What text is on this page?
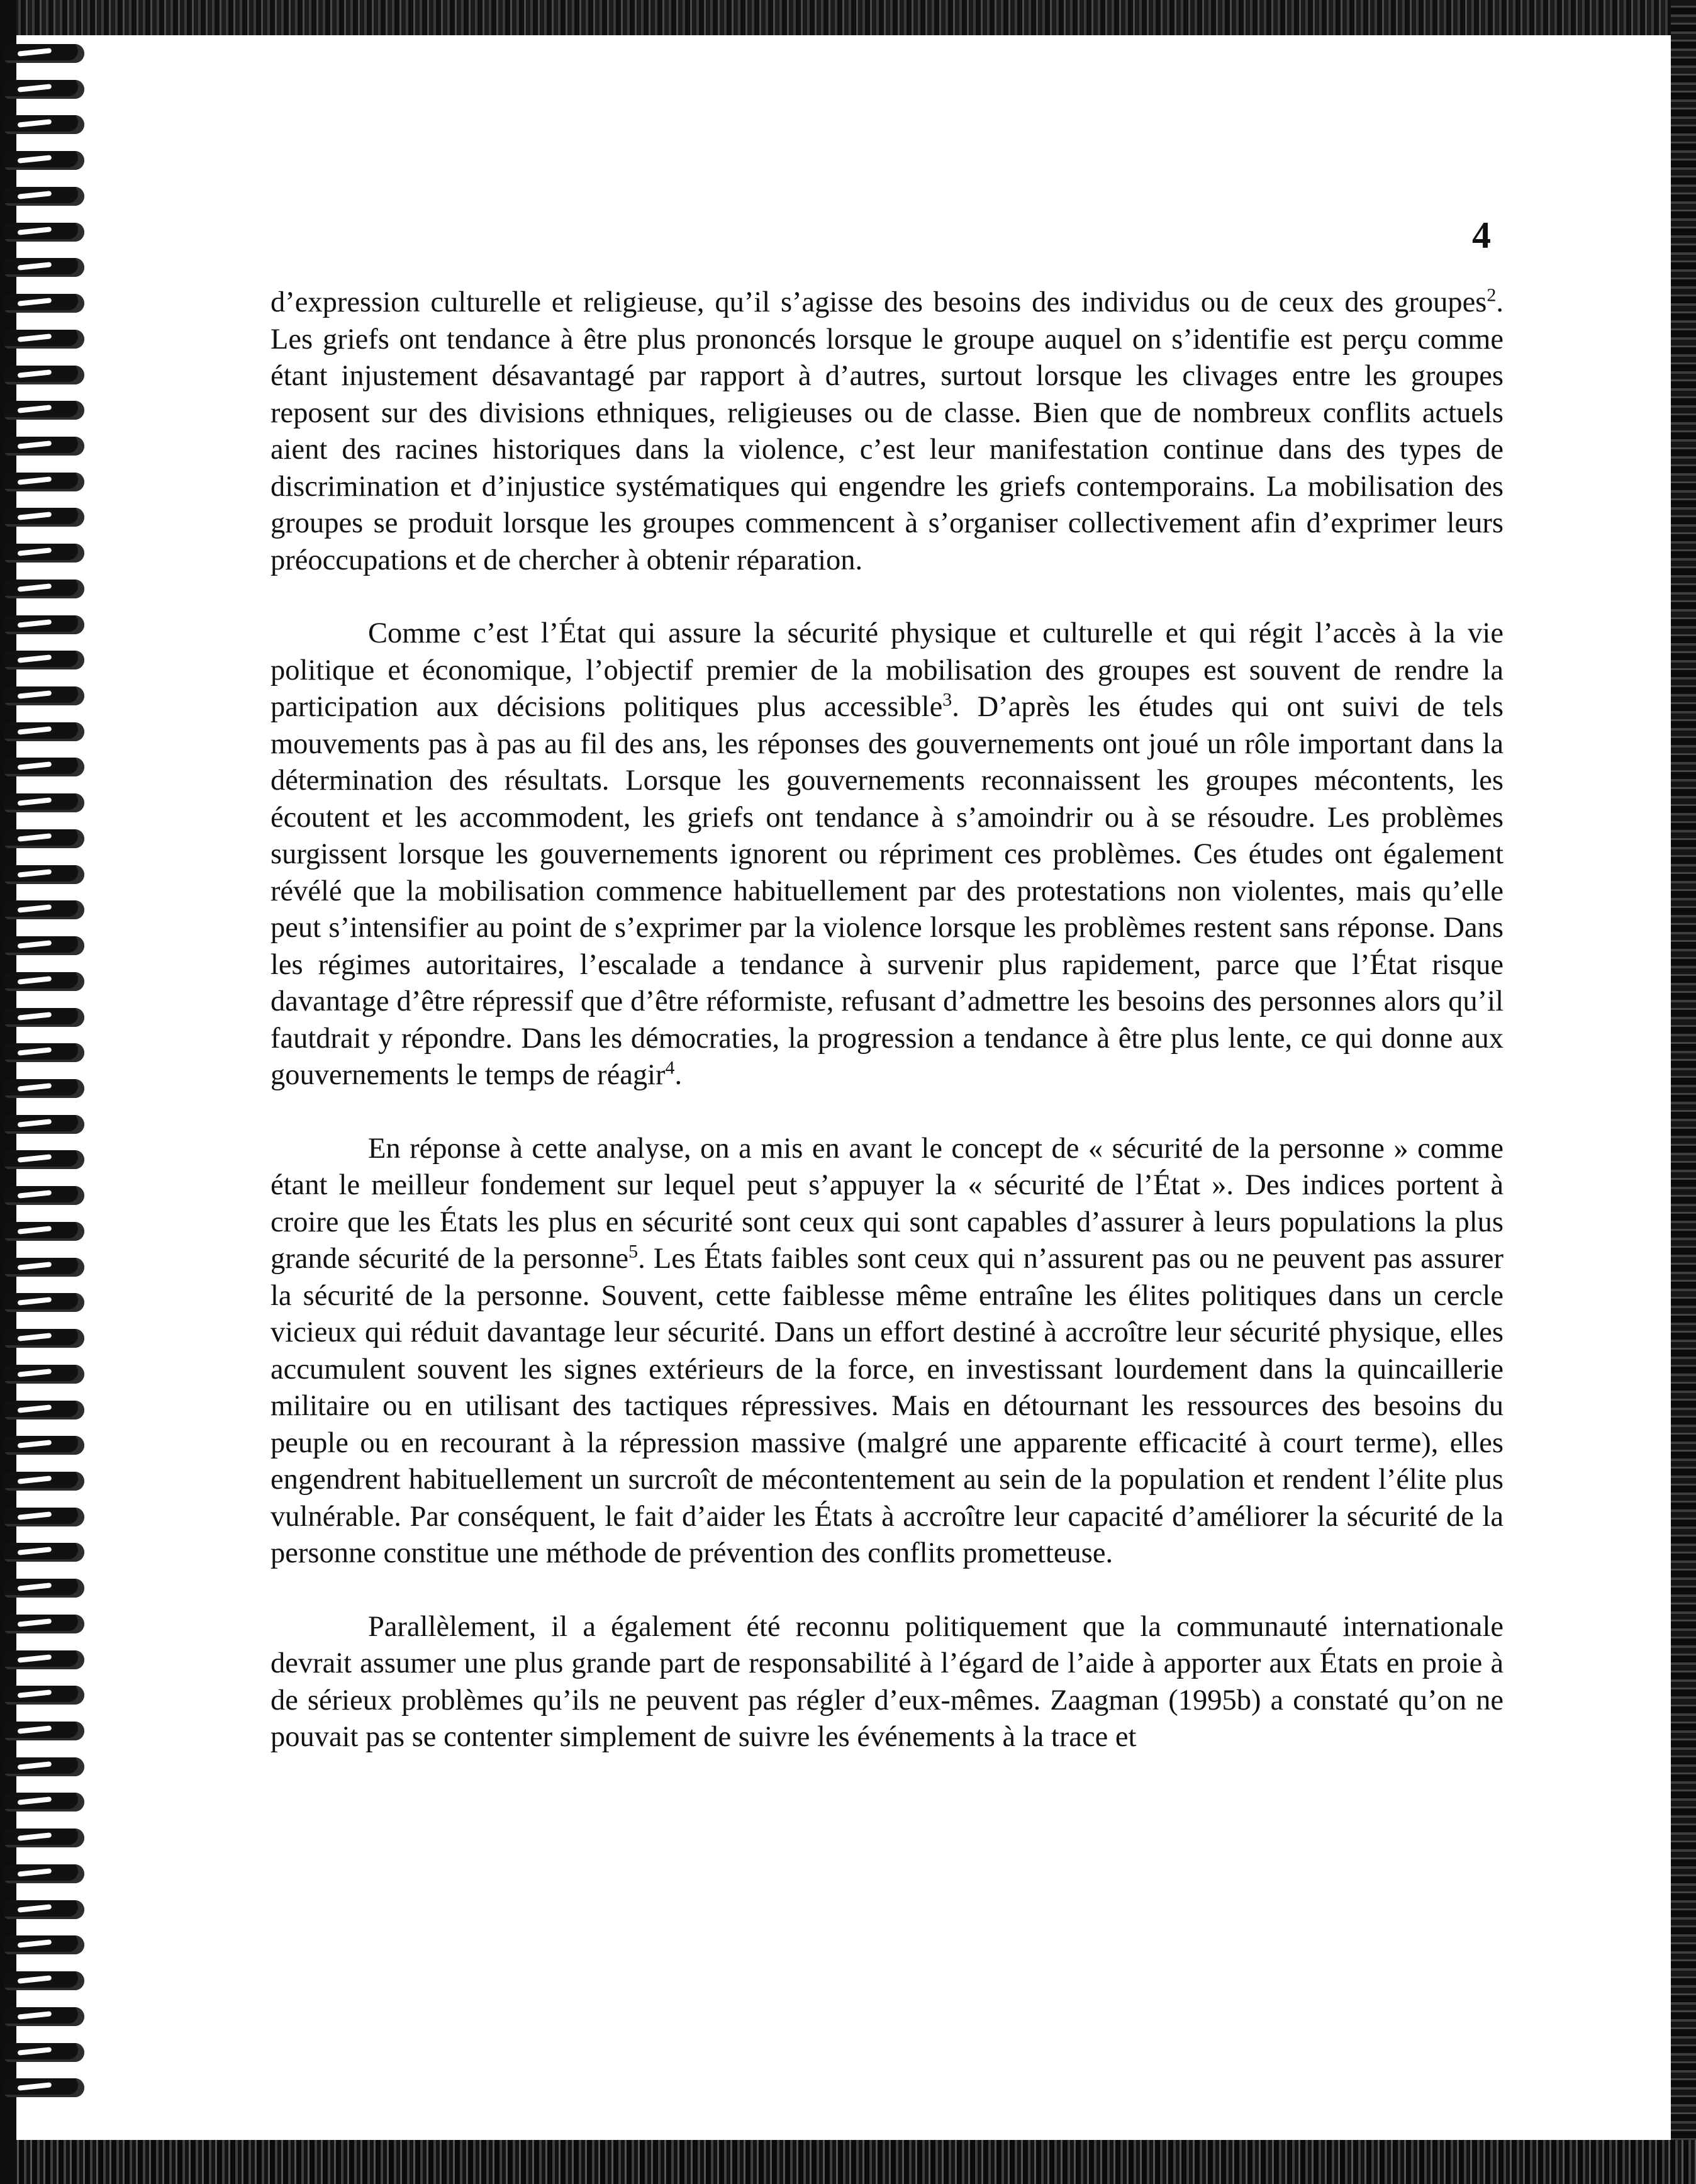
4

d’expression culturelle et religieuse, qu’il s’agisse des besoins des individus ou de ceux des groupes$^2$. Les griefs ont tendance à être plus prononcés lorsque le groupe auquel on s’identifie est perçu comme étant injustement désavantagé par rapport à d’autres, surtout lorsque les clivages entre les groupes reposent sur des divisions ethniques, religieuses ou de classe. Bien que de nombreux conflits actuels aient des racines historiques dans la violence, c’est leur manifestation continue dans des types de discrimination et d’injustice systématiques qui engendre les griefs contemporains. La mobilisation des groupes se produit lorsque les groupes commencent à s’organiser collectivement afin d’exprimer leurs préoccupations et de chercher à obtenir réparation.

Comme c’est l’État qui assure la sécurité physique et culturelle et qui régit l’accès à la vie politique et économique, l’objectif premier de la mobilisation des groupes est souvent de rendre la participation aux décisions politiques plus accessible$^3$. D’après les études qui ont suivi de tels mouvements pas à pas au fil des ans, les réponses des gouvernements ont joué un rôle important dans la détermination des résultats. Lorsque les gouvernements reconnaissent les groupes mécontents, les écoutent et les accommodent, les griefs ont tendance à s’amoindrir ou à se résoudre. Les problèmes surgissent lorsque les gouvernements ignorent ou répriment ces problèmes. Ces études ont également révélé que la mobilisation commence habituellement par des protestations non violentes, mais qu’elle peut s’intensifier au point de s’exprimer par la violence lorsque les problèmes restent sans réponse. Dans les régimes autoritaires, l’escalade a tendance à survenir plus rapidement, parce que l’État risque davantage d’être répressif que d’être réformiste, refusant d’admettre les besoins des personnes alors qu’il fautdrait y répondre. Dans les démocraties, la progression a tendance à être plus lente, ce qui donne aux gouvernements le temps de réagir$^4$.

En réponse à cette analyse, on a mis en avant le concept de « sécurité de la personne » comme étant le meilleur fondement sur lequel peut s’appuyer la « sécurité de l’État ». Des indices portent à croire que les États les plus en sécurité sont ceux qui sont capables d’assurer à leurs populations la plus grande sécurité de la personne$^5$. Les États faibles sont ceux qui n’assurent pas ou ne peuvent pas assurer la sécurité de la personne. Souvent, cette faiblesse même entraîne les élites politiques dans un cercle vicieux qui réduit davantage leur sécurité. Dans un effort destiné à accroître leur sécurité physique, elles accumulent souvent les signes extérieurs de la force, en investissant lourdement dans la quincaillerie militaire ou en utilisant des tactiques répressives. Mais en détournant les ressources des besoins du peuple ou en recourant à la répression massive (malgré une apparente efficacité à court terme), elles engendrent habituellement un surcroît de mécontentement au sein de la population et rendent l’élite plus vulnérable. Par conséquent, le fait d’aider les États à accroître leur capacité d’améliorer la sécurité de la personne constitue une méthode de prévention des conflits prometteuse.

Parallèlement, il a également été reconnu politiquement que la communauté internationale devrait assumer une plus grande part de responsabilité à l’égard de l’aide à apporter aux États en proie à de sérieux problèmes qu’ils ne peuvent pas régler d’eux-mêmes. Zaagman (1995b) a constaté qu’on ne pouvait pas se contenter simplement de suivre les événements à la trace et
